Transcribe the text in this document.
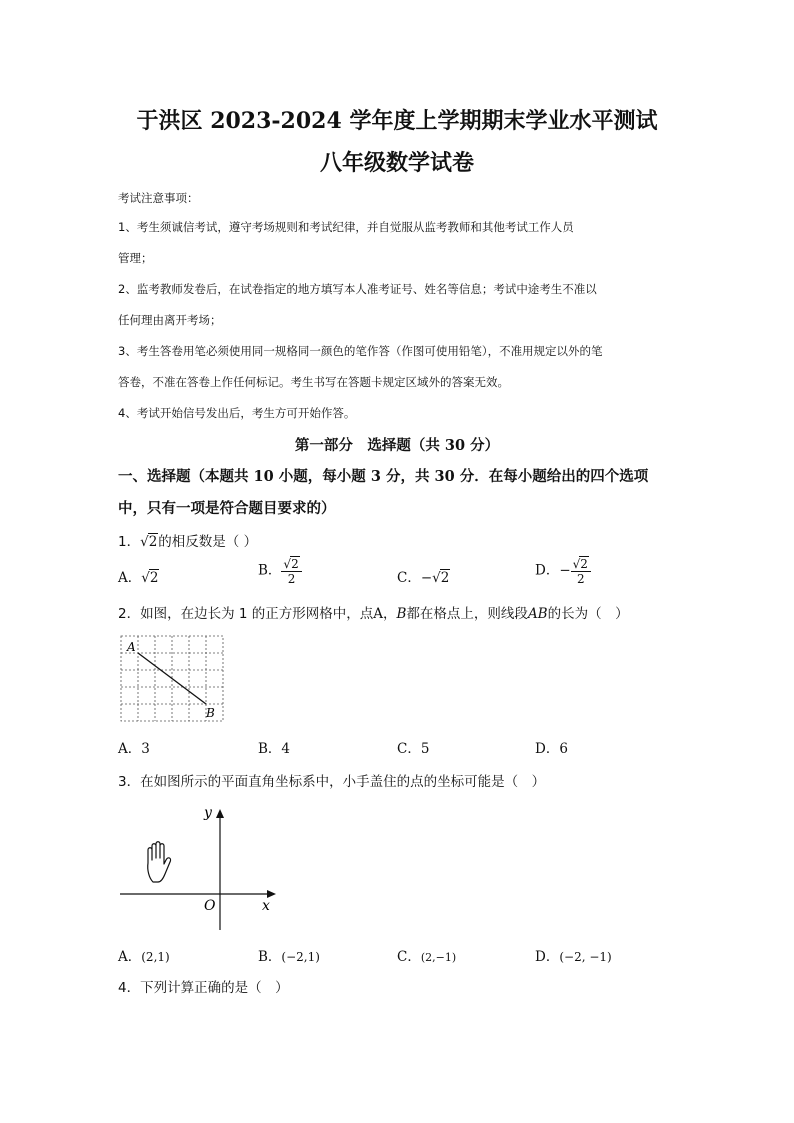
于洪区 2023-2024 学年度上学期期末学业水平测试
八年级数学试卷
考试注意事项：
1、考生须诚信考试，遵守考场规则和考试纪律，并自觉服从监考教师和其他考试工作人员
管理；
2、监考教师发卷后，在试卷指定的地方填写本人准考证号、姓名等信息；考试中途考生不准以
任何理由离开考场；
3、考生答卷用笔必须使用同一规格同一颜色的笔作答（作图可使用铅笔），不准用规定以外的笔
答卷，不准在答卷上作任何标记。考生书写在答题卡规定区域外的答案无效。
4、考试开始信号发出后，考生方可开始作答。
第一部分　选择题（共 30 分）
一、选择题（本题共 10 小题，每小题 3 分，共 30 分．在每小题给出的四个选项
中，只有一项是符合题目要求的）
1．√2的相反数是（ ）
A．√2	B． $\frac{√2}{2}$	C．−√2	D．− $\frac{√2}{2}$
2．如图，在边长为 1 的正方形网格中，点A，B都在格点上，则线段AB的长为（　）
A
B
A．3	B．4	C．5	D．6
3．在如图所示的平面直角坐标系中，小手盖住的点的坐标可能是（　）
y
x
O
A．(2,1)	B．(−2,1)	C．(2,−1)	D．(−2, −1)
4．下列计算正确的是（　）
